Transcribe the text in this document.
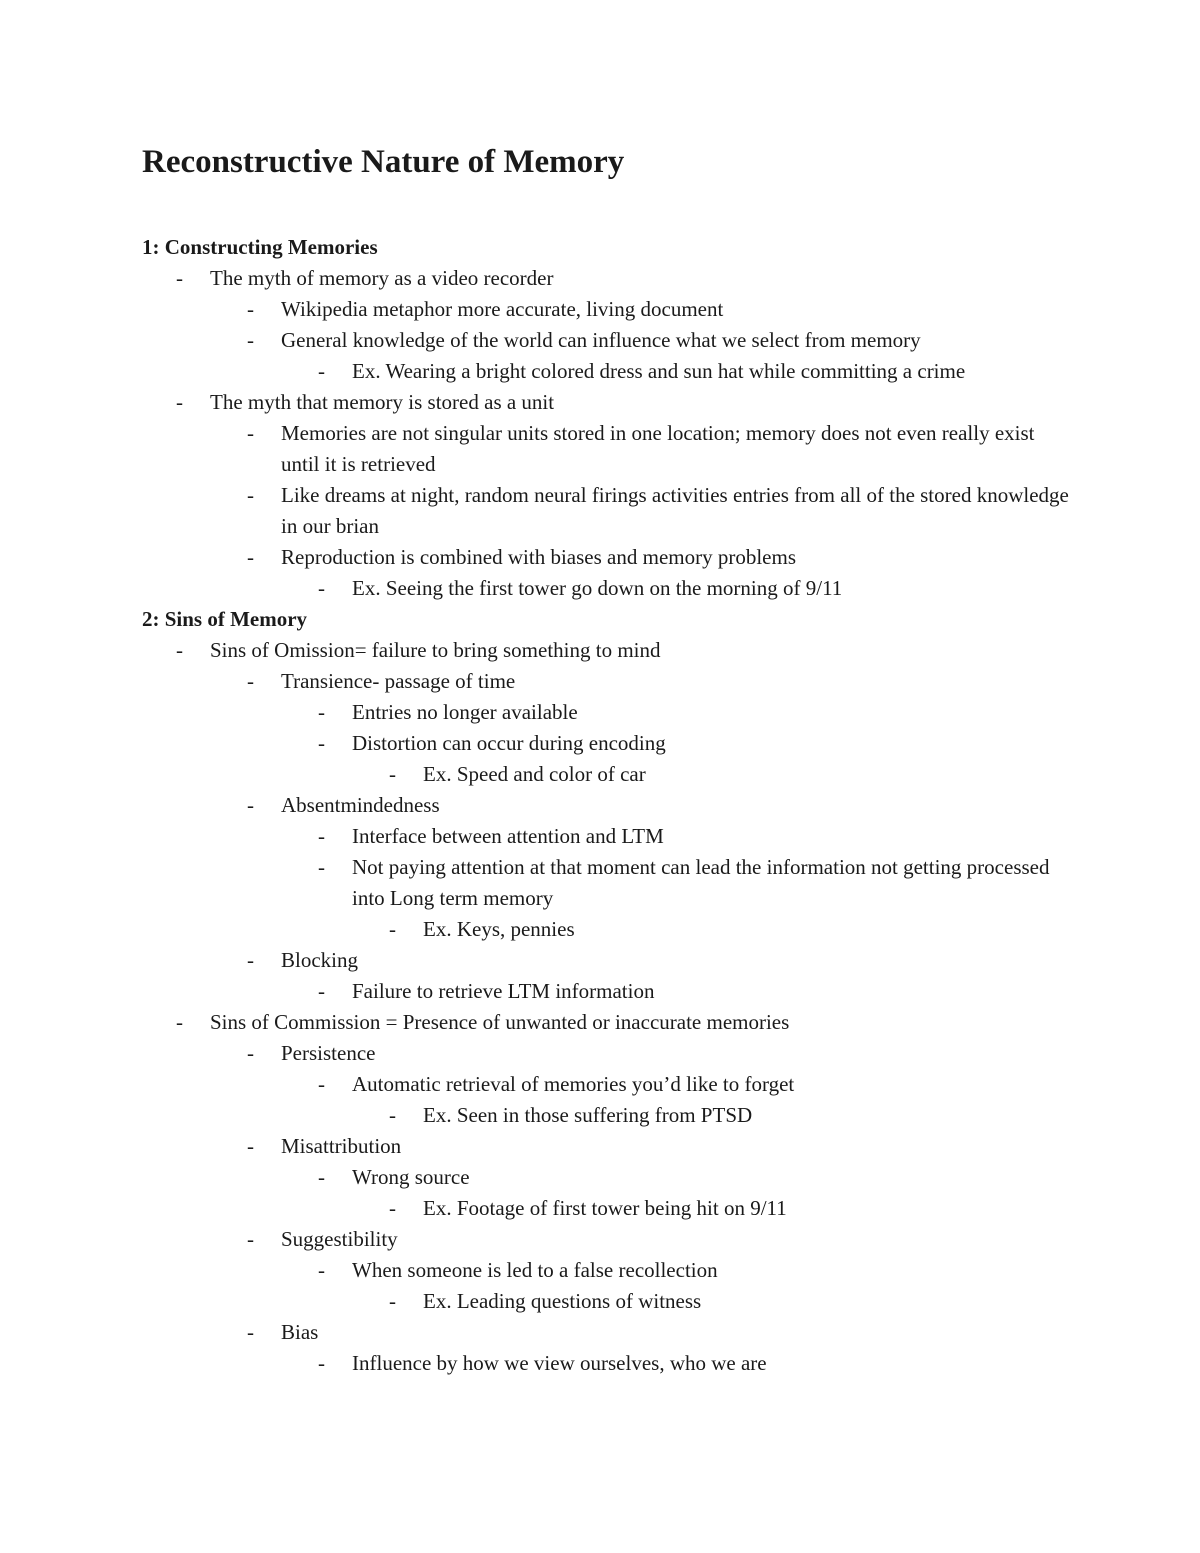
Reconstructive Nature of Memory
1: Constructing Memories
- The myth of memory as a video recorder
- Wikipedia metaphor more accurate, living document
- General knowledge of the world can influence what we select from memory
- Ex. Wearing a bright colored dress and sun hat while committing a crime
- The myth that memory is stored as a unit
- Memories are not singular units stored in one location; memory does not even really exist until it is retrieved
- Like dreams at night, random neural firings activities entries from all of the stored knowledge in our brian
- Reproduction is combined with biases and memory problems
- Ex. Seeing the first tower go down on the morning of 9/11
2: Sins of Memory
- Sins of Omission= failure to bring something to mind
- Transience- passage of time
- Entries no longer available
- Distortion can occur during encoding
- Ex. Speed and color of car
- Absentmindedness
- Interface between attention and LTM
- Not paying attention at that moment can lead the information not getting processed into Long term memory
- Ex. Keys, pennies
- Blocking
- Failure to retrieve LTM information
- Sins of Commission = Presence of unwanted or inaccurate memories
- Persistence
- Automatic retrieval of memories you’d like to forget
- Ex. Seen in those suffering from PTSD
- Misattribution
- Wrong source
- Ex. Footage of first tower being hit on 9/11
- Suggestibility
- When someone is led to a false recollection
- Ex. Leading questions of witness
- Bias
- Influence by how we view ourselves, who we are
